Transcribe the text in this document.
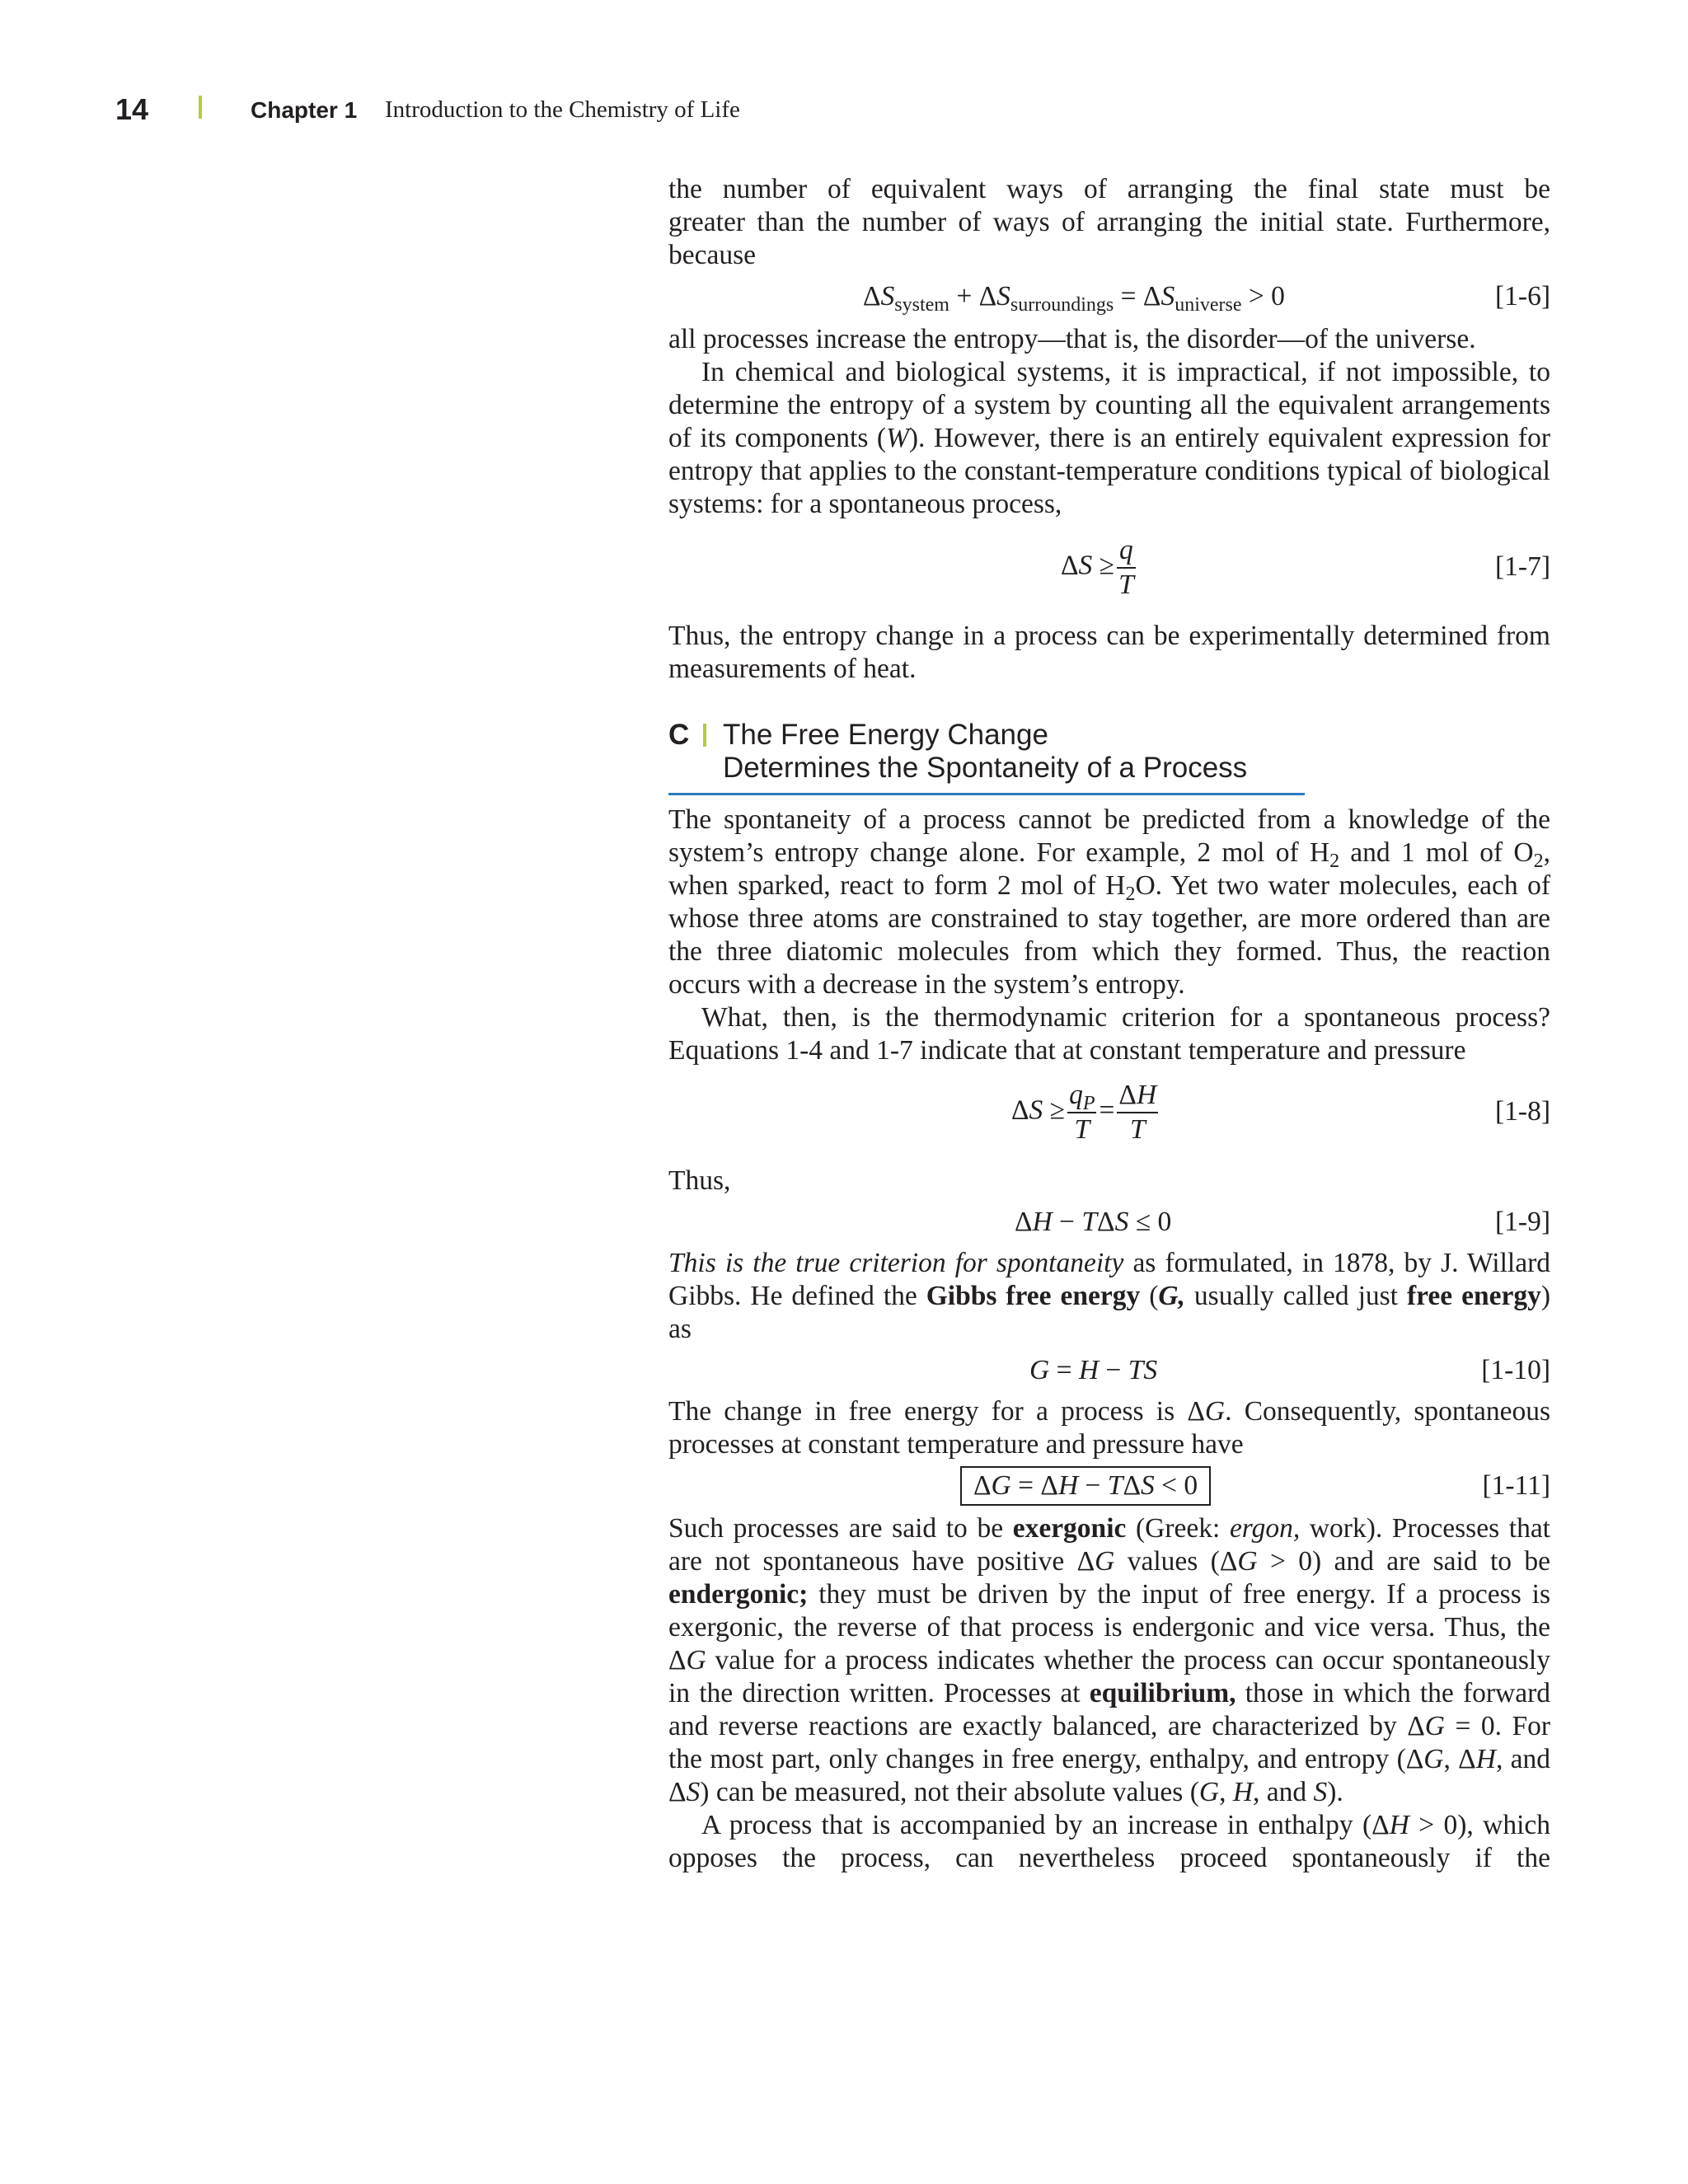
14	Chapter 1 Introduction to the Chemistry of Life

the number of equivalent ways of arranging the final state must be

greater than the number of ways of arranging the initial state. Furthermore,

because

$\Delta S_{system} + \Delta S_{surroundings} = \Delta S_{universe} > 0$	[1-6]

all processes increase the entropy—that is, the disorder—of the universe.

In chemical and biological systems, it is impractical, if not impossible, to determine the entropy of a system by counting all the equivalent arrangements of its components (W). However, there is an entirely equivalent expression for entropy that applies to the constant-temperature conditions typical of biological systems: for a spontaneous process,

$\Delta S \ge \frac{q}{T}$	[1-7]

Thus, the entropy change in a process can be experimentally determined from measurements of heat.

C	The Free Energy Change
Determines the Spontaneity of a Process

The spontaneity of a process cannot be predicted from a knowledge of the system’s entropy change alone. For example, 2 mol of $H_2$ and 1 mol of $O_2$, when sparked, react to form 2 mol of $H_2O$. Yet two water molecules, each of whose three atoms are constrained to stay together, are more ordered than are the three diatomic molecules from which they formed. Thus, the reaction occurs with a decrease in the system’s entropy.

What, then, is the thermodynamic criterion for a spontaneous process? Equations 1-4 and 1-7 indicate that at constant temperature and pressure

$\Delta S \ge \frac{q_P}{T} = \frac{\Delta H}{T}$	[1-8]

Thus,

ΔH − TΔS ≤ 0	[1-9]

This is the true criterion for spontaneity as formulated, in 1878, by J. Willard Gibbs. He defined the Gibbs free energy (G, usually called just free energy) as

G = H − TS	[1-10]

The change in free energy for a process is ΔG. Consequently, spontaneous processes at constant temperature and pressure have

ΔG = ΔH − TΔS < 0	[1-11]

Such processes are said to be exergonic (Greek: ergon, work). Processes that are not spontaneous have positive ΔG values (ΔG > 0) and are said to be endergonic; they must be driven by the input of free energy. If a process is exergonic, the reverse of that process is endergonic and vice versa. Thus, the ΔG value for a process indicates whether the process can occur spontaneously in the direction written. Processes at equilibrium, those in which the forward and reverse reactions are exactly balanced, are characterized by ΔG = 0. For the most part, only changes in free energy, enthalpy, and entropy (ΔG, ΔH, and ΔS) can be measured, not their absolute values (G, H, and S).

A process that is accompanied by an increase in enthalpy (ΔH > 0), which opposes the process, can nevertheless proceed spontaneously if the
